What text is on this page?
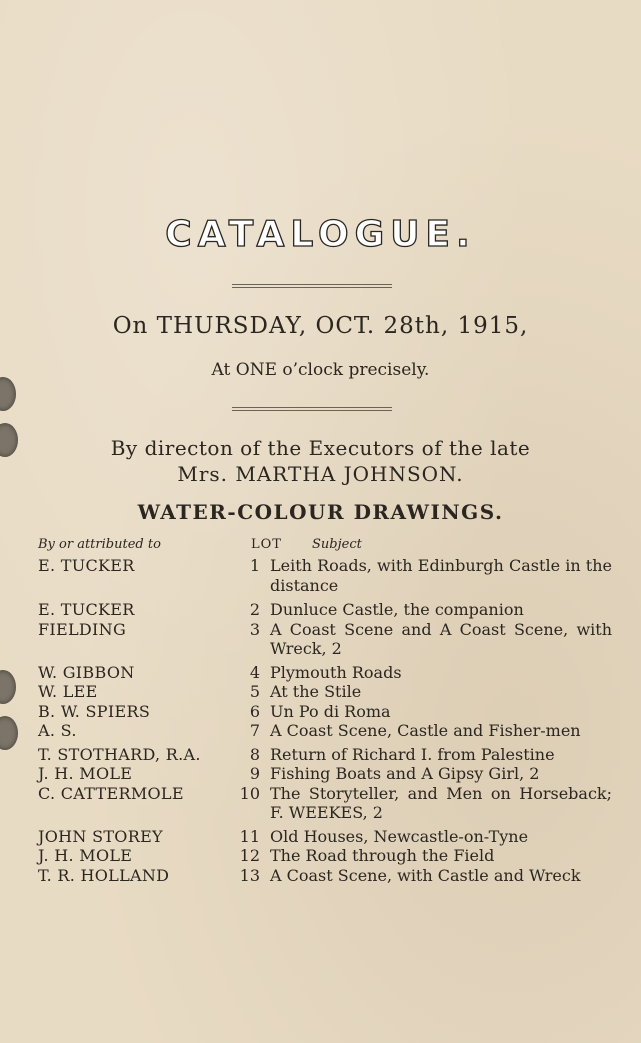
CATALOGUE.
On THURSDAY, OCT. 28th, 1915,
At ONE o’clock precisely.
By directon of the Executors of the late
Mrs. MARTHA JOHNSON.
WATER-COLOUR DRAWINGS.
By or attributed to	LOT Subject
E. TUCKER	1 Leith Roads, with Edinburgh Castle in the distance
E. TUCKER	2 Dunluce Castle, the companion
FIELDING	3 A Coast Scene and A Coast Scene, with Wreck, 2
W. GIBBON	4 Plymouth Roads
W. LEE	5 At the Stile
B. W. SPIERS	6 Un Po di Roma
A. S.	7 A Coast Scene, Castle and Fisher-men
T. STOTHARD, R.A.	8 Return of Richard I. from Palestine
J. H. MOLE	9 Fishing Boats and A Gipsy Girl, 2
C. CATTERMOLE	10 The Storyteller, and Men on Horseback; F. WEEKES, 2
JOHN STOREY	11 Old Houses, Newcastle-on-Tyne
J. H. MOLE	12 The Road through the Field
T. R. HOLLAND	13 A Coast Scene, with Castle and Wreck
